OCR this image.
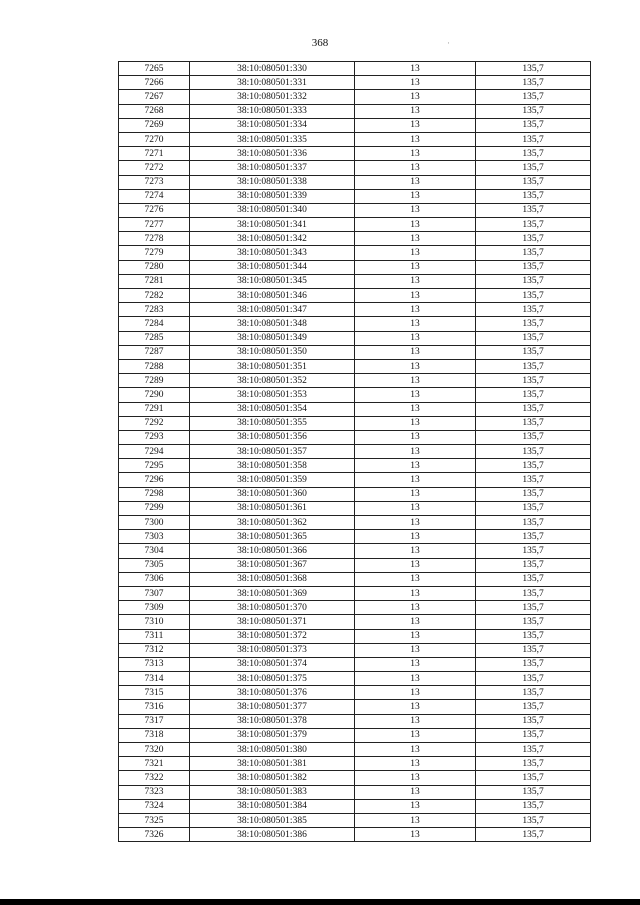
368	·
7265	38:10:080501:330	13	135,7
7266	38:10:080501:331	13	135,7
7267	38:10:080501:332	13	135,7
7268	38:10:080501:333	13	135,7
7269	38:10:080501:334	13	135,7
7270	38:10:080501:335	13	135,7
7271	38:10:080501:336	13	135,7
7272	38:10:080501:337	13	135,7
7273	38:10:080501:338	13	135,7
7274	38:10:080501:339	13	135,7
7276	38:10:080501:340	13	135,7
7277	38:10:080501:341	13	135,7
7278	38:10:080501:342	13	135,7
7279	38:10:080501:343	13	135,7
7280	38:10:080501:344	13	135,7
7281	38:10:080501:345	13	135,7
7282	38:10:080501:346	13	135,7
7283	38:10:080501:347	13	135,7
7284	38:10:080501:348	13	135,7
7285	38:10:080501:349	13	135,7
7287	38:10:080501:350	13	135,7
7288	38:10:080501:351	13	135,7
7289	38:10:080501:352	13	135,7
7290	38:10:080501:353	13	135,7
7291	38:10:080501:354	13	135,7
7292	38:10:080501:355	13	135,7
7293	38:10:080501:356	13	135,7
7294	38:10:080501:357	13	135,7
7295	38:10:080501:358	13	135,7
7296	38:10:080501:359	13	135,7
7298	38:10:080501:360	13	135,7
7299	38:10:080501:361	13	135,7
7300	38:10:080501:362	13	135,7
7303	38:10:080501:365	13	135,7
7304	38:10:080501:366	13	135,7
7305	38:10:080501:367	13	135,7
7306	38:10:080501:368	13	135,7
7307	38:10:080501:369	13	135,7
7309	38:10:080501:370	13	135,7
7310	38:10:080501:371	13	135,7
7311	38:10:080501:372	13	135,7
7312	38:10:080501:373	13	135,7
7313	38:10:080501:374	13	135,7
7314	38:10:080501:375	13	135,7
7315	38:10:080501:376	13	135,7
7316	38:10:080501:377	13	135,7
7317	38:10:080501:378	13	135,7
7318	38:10:080501:379	13	135,7
7320	38:10:080501:380	13	135,7
7321	38:10:080501:381	13	135,7
7322	38:10:080501:382	13	135,7
7323	38:10:080501:383	13	135,7
7324	38:10:080501:384	13	135,7
7325	38:10:080501:385	13	135,7
7326	38:10:080501:386	13	135,7
